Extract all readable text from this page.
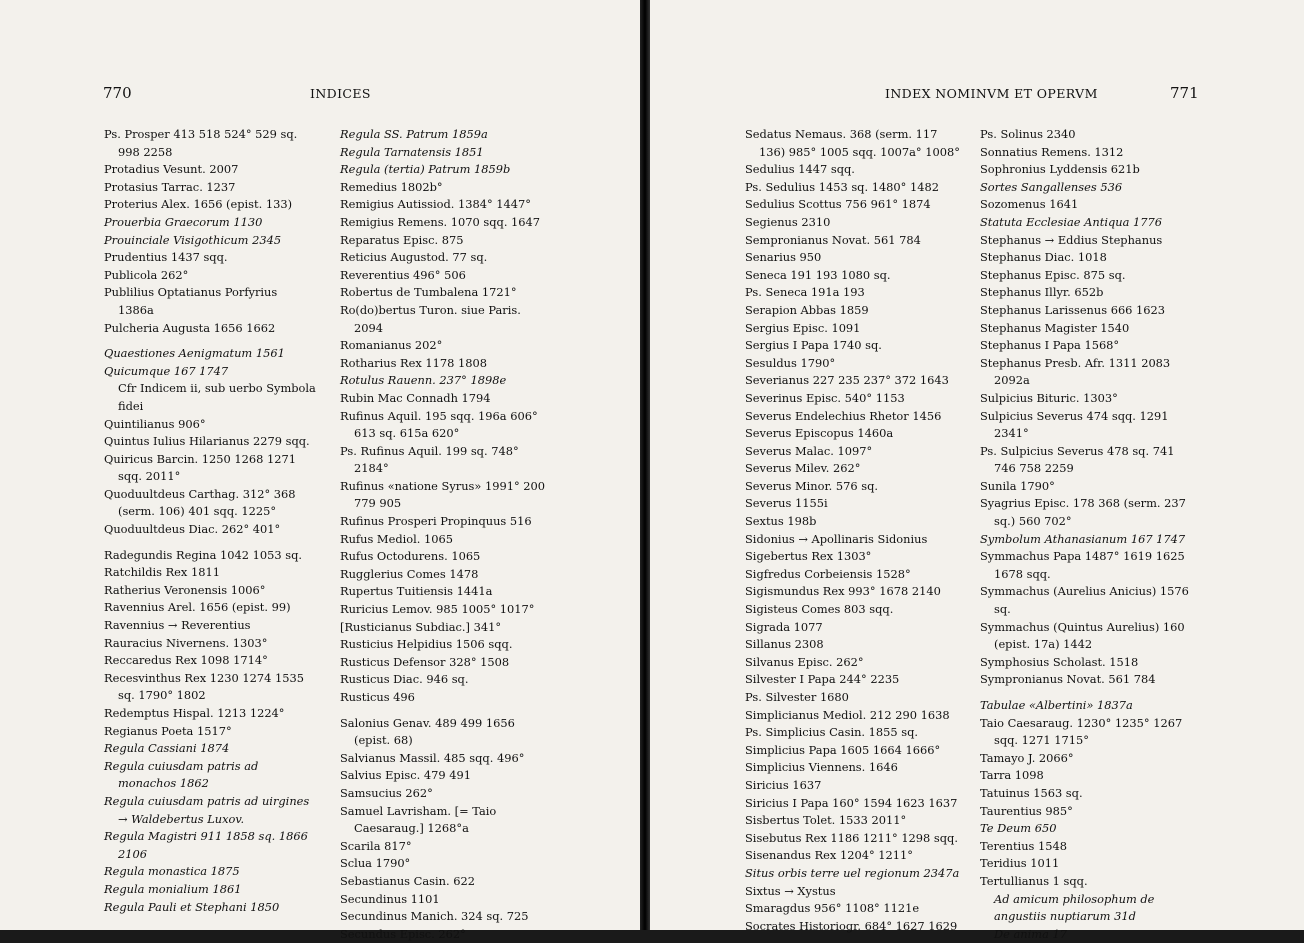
770	INDICES
Ps. Prosper 413 518 524° 529 sq. 998 2258
Protadius Vesunt. 2007
Protasius Tarrac. 1237
Proterius Alex. 1656 (epist. 133)
Prouerbia Graecorum 1130
Prouinciale Visigothicum 2345
Prudentius 1437 sqq.
Publicola 262°
Publilius Optatianus Porfyrius 1386a
Pulcheria Augusta 1656 1662
Quaestiones Aenigmatum 1561
Quicumque 167 1747
Cfr Indicem ii, sub uerbo Symbola fidei
Quintilianus 906°
Quintus Iulius Hilarianus 2279 sqq.
Quiricus Barcin. 1250 1268 1271 sqq. 2011°
Quoduultdeus Carthag. 312° 368 (serm. 106) 401 sqq. 1225°
Quoduultdeus Diac. 262° 401°
Radegundis Regina 1042 1053 sq.
Ratchildis Rex 1811
Ratherius Veronensis 1006°
Ravennius Arel. 1656 (epist. 99)
Ravennius → Reverentius
Rauracius Nivernens. 1303°
Reccaredus Rex 1098 1714°
Recesvinthus Rex 1230 1274 1535 sq. 1790° 1802
Redemptus Hispal. 1213 1224°
Regianus Poeta 1517°
Regula Cassiani 1874
Regula cuiusdam patris ad monachos 1862
Regula cuiusdam patris ad uirgines → Waldebertus Luxov.
Regula Magistri 911 1858 sq. 1866 2106
Regula monastica 1875
Regula monialium 1861
Regula Pauli et Stephani 1850
Regula SS. Patrum 1859a
Regula Tarnatensis 1851
Regula (tertia) Patrum 1859b
Remedius 1802b°
Remigius Autissiod. 1384° 1447°
Remigius Remens. 1070 sqq. 1647
Reparatus Episc. 875
Reticius Augustod. 77 sq.
Reverentius 496° 506
Robertus de Tumbalena 1721°
Ro(do)bertus Turon. siue Paris. 2094
Romanianus 202°
Rotharius Rex 1178 1808
Rotulus Rauenn. 237° 1898e
Rubin Mac Connadh 1794
Rufinus Aquil. 195 sqq. 196a 606° 613 sq. 615a 620°
Ps. Rufinus Aquil. 199 sq. 748° 2184°
Rufinus «natione Syrus» 1991° 200 779 905
Rufinus Prosperi Propinquus 516
Rufus Mediol. 1065
Rufus Octodurens. 1065
Rugglerius Comes 1478
Rupertus Tuitiensis 1441a
Ruricius Lemov. 985 1005° 1017°
[Rusticianus Subdiac.] 341°
Rusticius Helpidius 1506 sqq.
Rusticus Defensor 328° 1508
Rusticus Diac. 946 sq.
Rusticus 496
Salonius Genav. 489 499 1656 (epist. 68)
Salvianus Massil. 485 sqq. 496°
Salvius Episc. 479 491
Samsucius 262°
Samuel Lavrisham. [= Taio Caesaraug.] 1268°a
Scarila 817°
Sclua 1790°
Sebastianus Casin. 622
Secundinus 1101
Secundinus Manich. 324 sq. 725
Secundus Episc. 262°
INDEX NOMINVM ET OPERVM	771
Sedatus Nemaus. 368 (serm. 117 136) 985° 1005 sqq. 1007a° 1008°
Sedulius 1447 sqq.
Ps. Sedulius 1453 sq. 1480° 1482
Sedulius Scottus 756 961° 1874
Segienus 2310
Sempronianus Novat. 561 784
Senarius 950
Seneca 191 193 1080 sq.
Ps. Seneca 191a 193
Serapion Abbas 1859
Sergius Episc. 1091
Sergius I Papa 1740 sq.
Sesuldus 1790°
Severianus 227 235 237° 372 1643
Severinus Episc. 540° 1153
Severus Endelechius Rhetor 1456
Severus Episcopus 1460a
Severus Malac. 1097°
Severus Milev. 262°
Severus Minor. 576 sq.
Severus 1155i
Sextus 198b
Sidonius → Apollinaris Sidonius
Sigebertus Rex 1303°
Sigfredus Corbeiensis 1528°
Sigismundus Rex 993° 1678 2140
Sigisteus Comes 803 sqq.
Sigrada 1077
Sillanus 2308
Silvanus Episc. 262°
Silvester I Papa 244° 2235
Ps. Silvester 1680
Simplicianus Mediol. 212 290 1638
Ps. Simplicius Casin. 1855 sq.
Simplicius Papa 1605 1664 1666°
Simplicius Viennens. 1646
Siricius 1637
Siricius I Papa 160° 1594 1623 1637
Sisbertus Tolet. 1533 2011°
Sisebutus Rex 1186 1211° 1298 sqq.
Sisenandus Rex 1204° 1211°
Situs orbis terre uel regionum 2347a
Sixtus → Xystus
Smaragdus 956° 1108° 1121e
Socrates Historiogr. 684° 1627 1629
Ps. Solinus 2340
Sonnatius Remens. 1312
Sophronius Lyddensis 621b
Sortes Sangallenses 536
Sozomenus 1641
Statuta Ecclesiae Antiqua 1776
Stephanus → Eddius Stephanus
Stephanus Diac. 1018
Stephanus Episc. 875 sq.
Stephanus Illyr. 652b
Stephanus Larissenus 666 1623
Stephanus Magister 1540
Stephanus I Papa 1568°
Stephanus Presb. Afr. 1311 2083 2092a
Sulpicius Bituric. 1303°
Sulpicius Severus 474 sqq. 1291 2341°
Ps. Sulpicius Severus 478 sq. 741 746 758 2259
Sunila 1790°
Syagrius Episc. 178 368 (serm. 237 sq.) 560 702°
Symbolum Athanasianum 167 1747
Symmachus Papa 1487° 1619 1625 1678 sqq.
Symmachus (Aurelius Anicius) 1576 sq.
Symmachus (Quintus Aurelius) 160 (epist. 17a) 1442
Symphosius Scholast. 1518
Sympronianus Novat. 561 784
Tabulae «Albertini» 1837a
Taio Caesaraug. 1230° 1235° 1267 sqq. 1271 1715°
Tamayo J. 2066°
Tarra 1098
Tatuinus 1563 sq.
Taurentius 985°
Te Deum 650
Terentius 1548
Teridius 1011
Tertullianus 1 sqq.
Ad amicum philosophum de angustiis nuptiarum 31d
De anima 17
